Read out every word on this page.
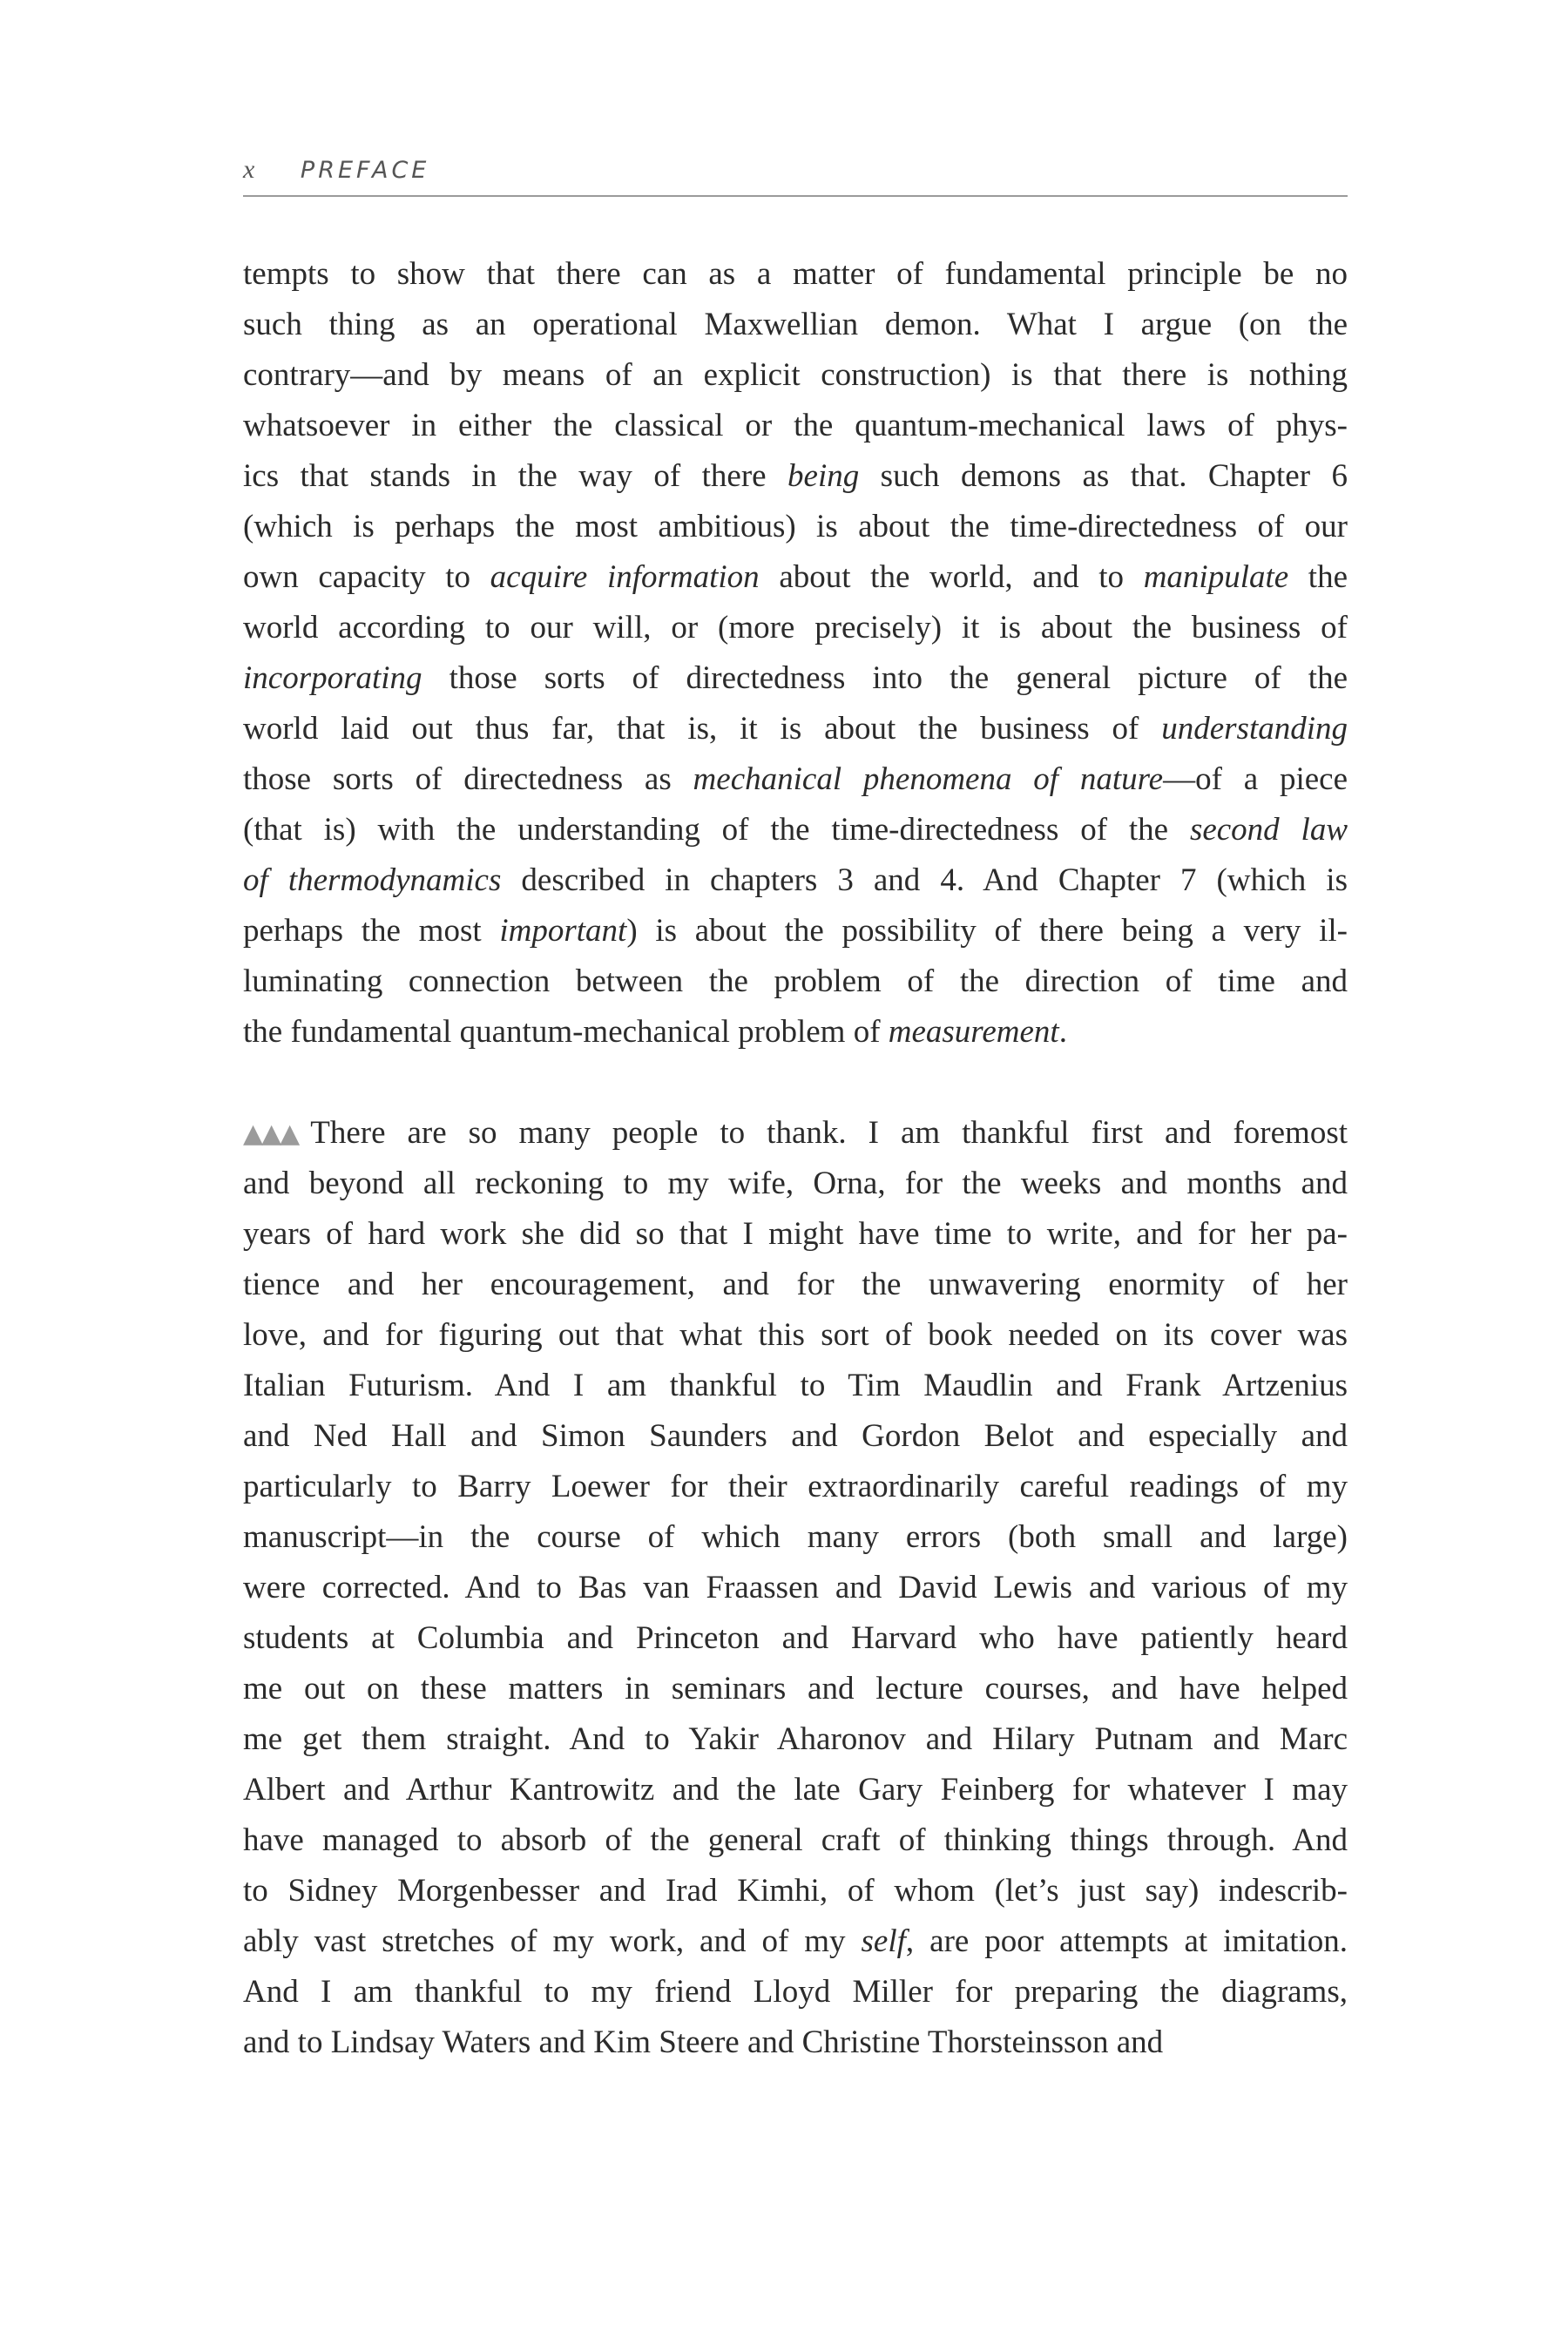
x PREFACE

tempts to show that there can as a matter of fundamental principle be no
such thing as an operational Maxwellian demon. What I argue (on the
contrary—and by means of an explicit construction) is that there is nothing
whatsoever in either the classical or the quantum-mechanical laws of phys-
ics that stands in the way of there being such demons as that. Chapter 6
(which is perhaps the most ambitious) is about the time-directedness of our
own capacity to acquire information about the world, and to manipulate the
world according to our will, or (more precisely) it is about the business of
incorporating those sorts of directedness into the general picture of the
world laid out thus far, that is, it is about the business of understanding
those sorts of directedness as mechanical phenomena of nature—of a piece
(that is) with the understanding of the time-directedness of the second law
of thermodynamics described in chapters 3 and 4. And Chapter 7 (which is
perhaps the most important) is about the possibility of there being a very il-
luminating connection between the problem of the direction of time and
the fundamental quantum-mechanical problem of measurement.

▲▲▲ There are so many people to thank. I am thankful first and foremost
and beyond all reckoning to my wife, Orna, for the weeks and months and
years of hard work she did so that I might have time to write, and for her pa-
tience and her encouragement, and for the unwavering enormity of her
love, and for figuring out that what this sort of book needed on its cover was
Italian Futurism. And I am thankful to Tim Maudlin and Frank Artzenius
and Ned Hall and Simon Saunders and Gordon Belot and especially and
particularly to Barry Loewer for their extraordinarily careful readings of my
manuscript—in the course of which many errors (both small and large)
were corrected. And to Bas van Fraassen and David Lewis and various of my
students at Columbia and Princeton and Harvard who have patiently heard
me out on these matters in seminars and lecture courses, and have helped
me get them straight. And to Yakir Aharonov and Hilary Putnam and Marc
Albert and Arthur Kantrowitz and the late Gary Feinberg for whatever I may
have managed to absorb of the general craft of thinking things through. And
to Sidney Morgenbesser and Irad Kimhi, of whom (let’s just say) indescrib-
ably vast stretches of my work, and of my self, are poor attempts at imitation.
And I am thankful to my friend Lloyd Miller for preparing the diagrams,
and to Lindsay Waters and Kim Steere and Christine Thorsteinsson and
